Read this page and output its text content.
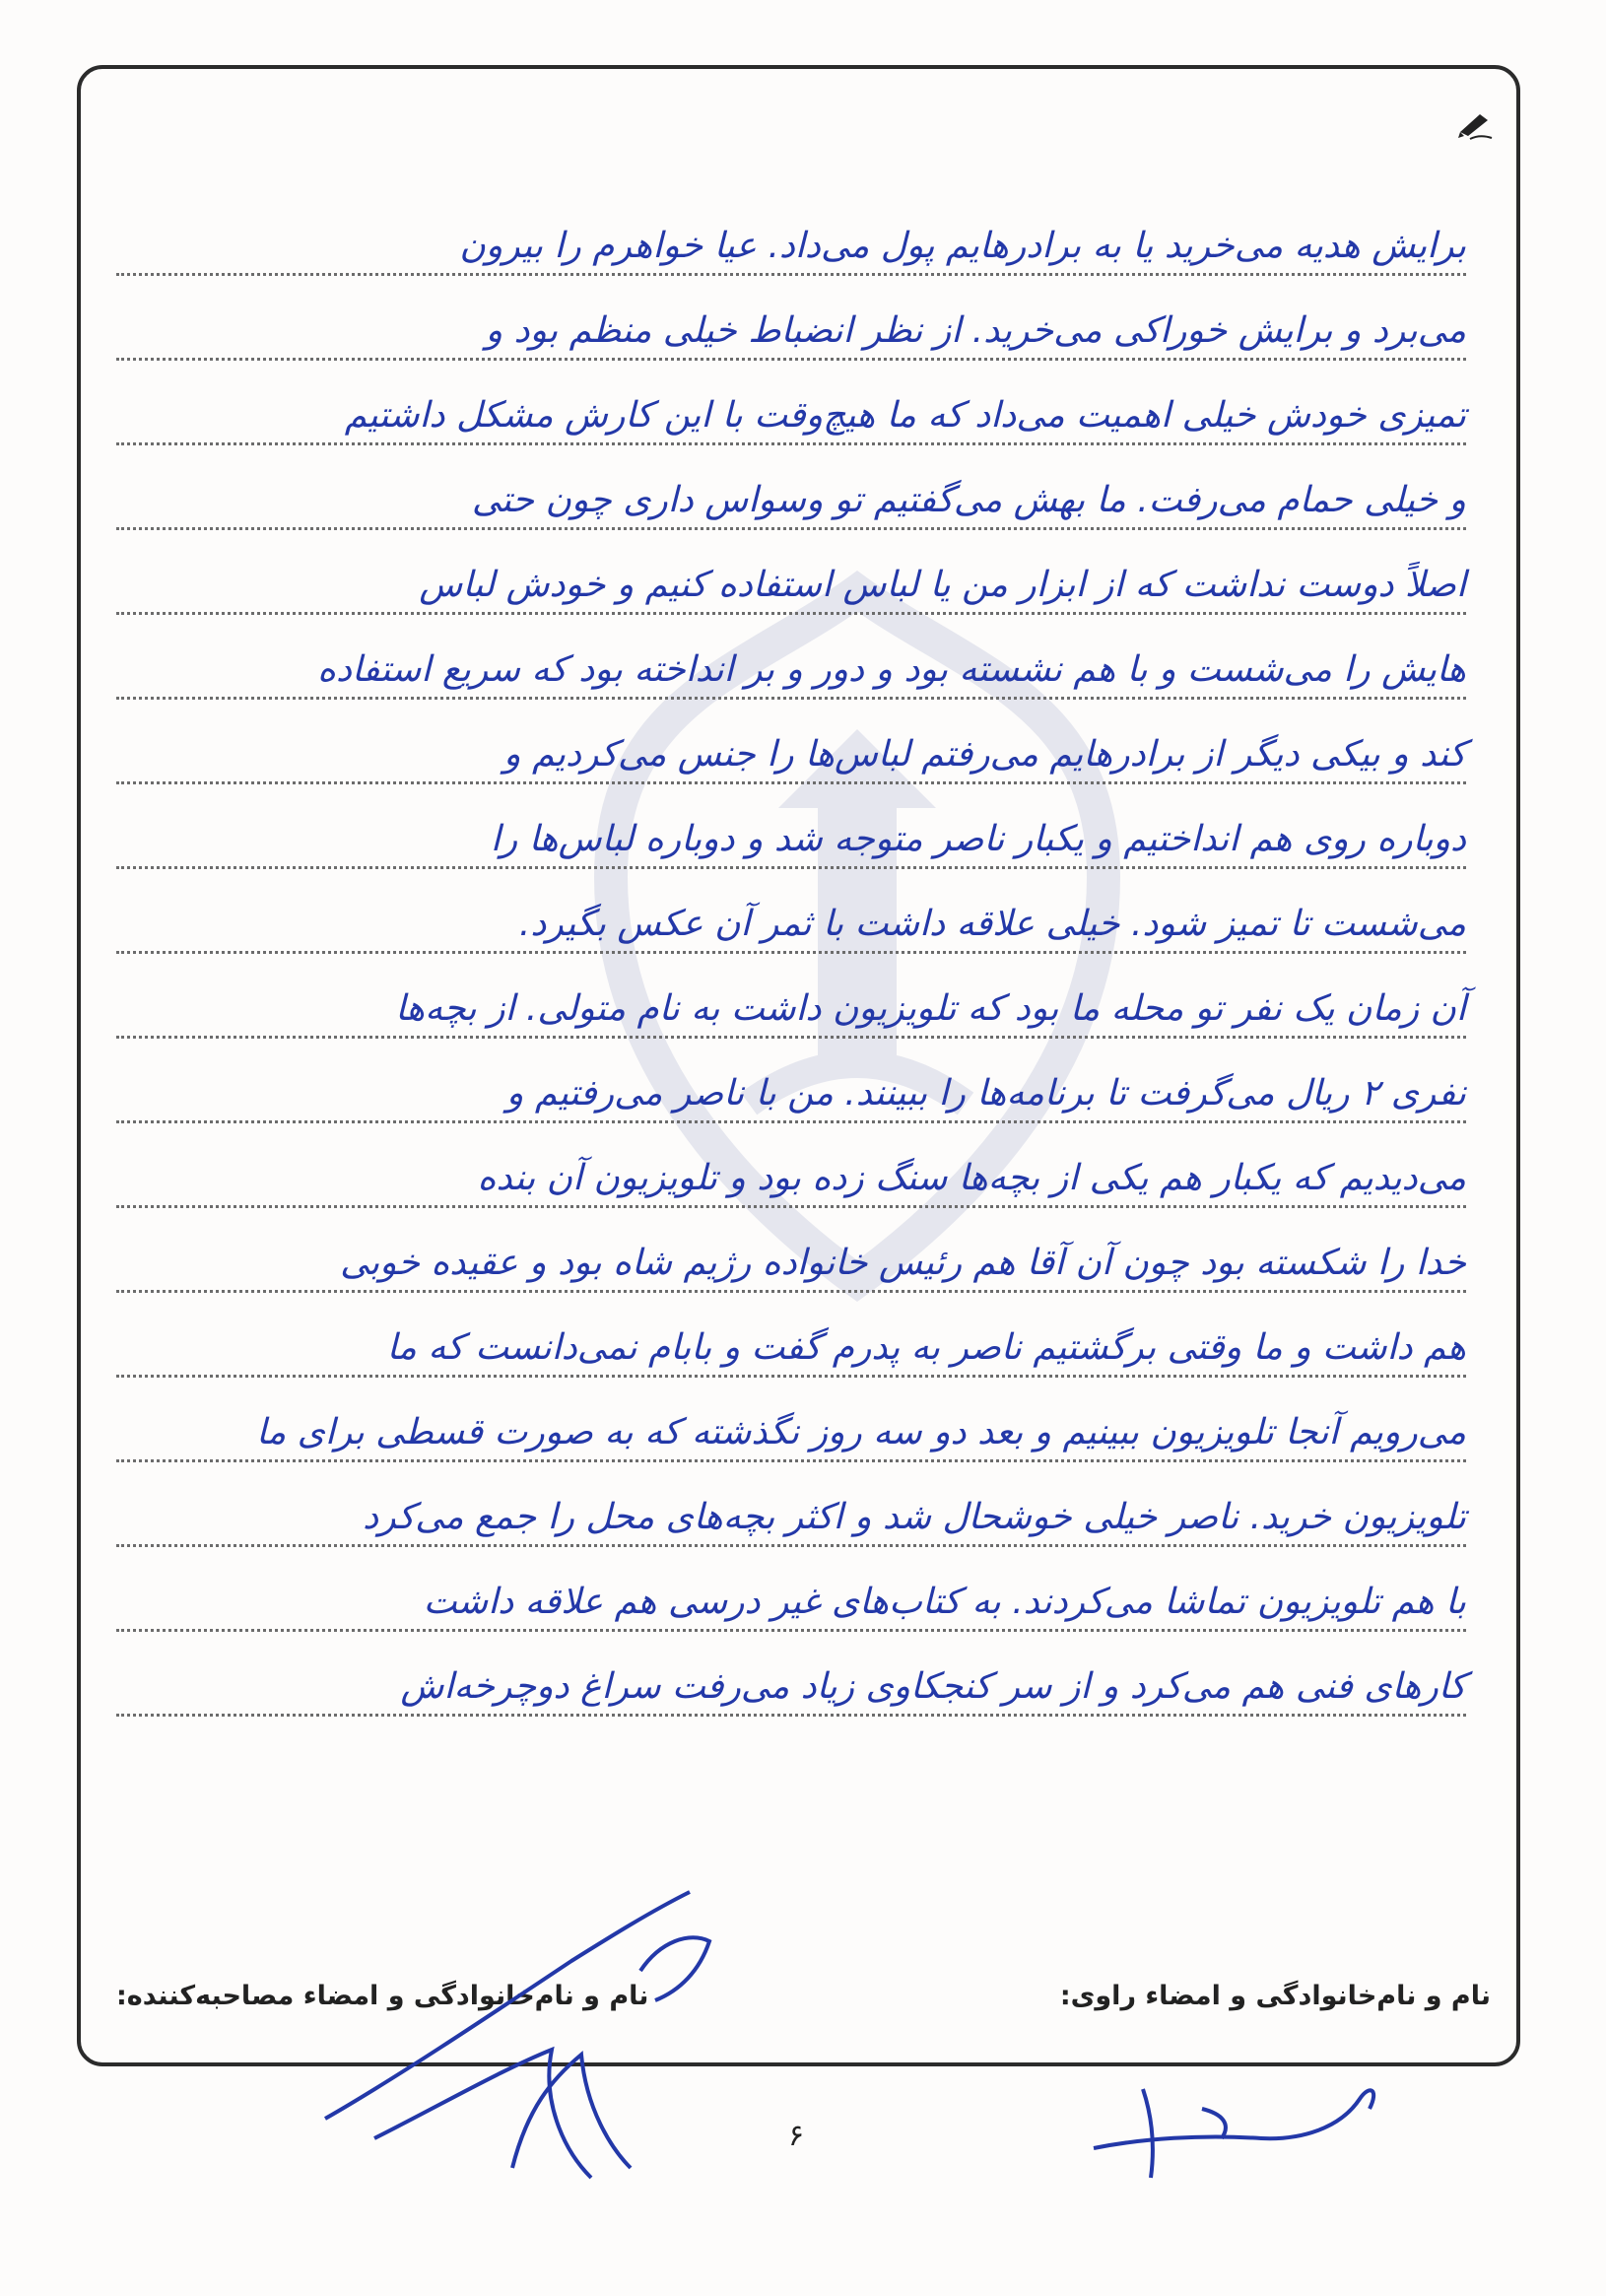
برایش هدیه می‌خرید یا به برادرهایم پول می‌داد. عیا خواهرم را بیرون
می‌برد و برایش خوراکی می‌خرید. از نظر انضباط خیلی منظم بود و
تمیزی خودش خیلی اهمیت می‌داد که ما هیچ‌وقت با این کارش مشکل داشتیم
و خیلی حمام می‌رفت. ما بهش می‌گفتیم تو وسواس داری چون حتی
اصلاً دوست نداشت که از ابزار من یا لباس استفاده کنیم و خودش لباس
هایش را می‌شست و با هم نشسته بود و دور و بر انداخته بود که سریع استفاده
کند و بیکی دیگر از برادرهایم می‌رفتم لباس‌ها را جنس می‌کردیم و
دوباره روی هم انداختیم و یکبار ناصر متوجه شد و دوباره لباس‌ها را
می‌شست تا تمیز شود. خیلی علاقه داشت با ثمر آن عکس بگیرد.
آن زمان یک نفر تو محله ما بود که تلویزیون داشت به نام متولی. از بچه‌ها
نفری ۲ ریال می‌گرفت تا برنامه‌ها را ببینند. من با ناصر می‌رفتیم و
می‌دیدیم که یکبار هم یکی از بچه‌ها سنگ زده بود و تلویزیون آن بنده
خدا را شکسته بود چون آن آقا هم رئیس خانواده رژیم شاه بود و عقیده خوبی
هم داشت و ما وقتی برگشتیم ناصر به پدرم گفت و بابام نمی‌دانست که ما
می‌رویم آنجا تلویزیون ببینیم و بعد دو سه روز نگذشته که به صورت قسطی برای ما
تلویزیون خرید. ناصر خیلی خوشحال شد و اکثر بچه‌های محل را جمع می‌کرد
با هم تلویزیون تماشا می‌کردند. به کتاب‌های غیر درسی هم علاقه داشت
کارهای فنی هم می‌کرد و از سر کنجکاوی زیاد می‌رفت سراغ دوچرخه‌اش
نام و نام‌خانوادگی و امضاء راوی:
نام و نام‌خانوادگی و امضاء مصاحبه‌کننده:
۶
